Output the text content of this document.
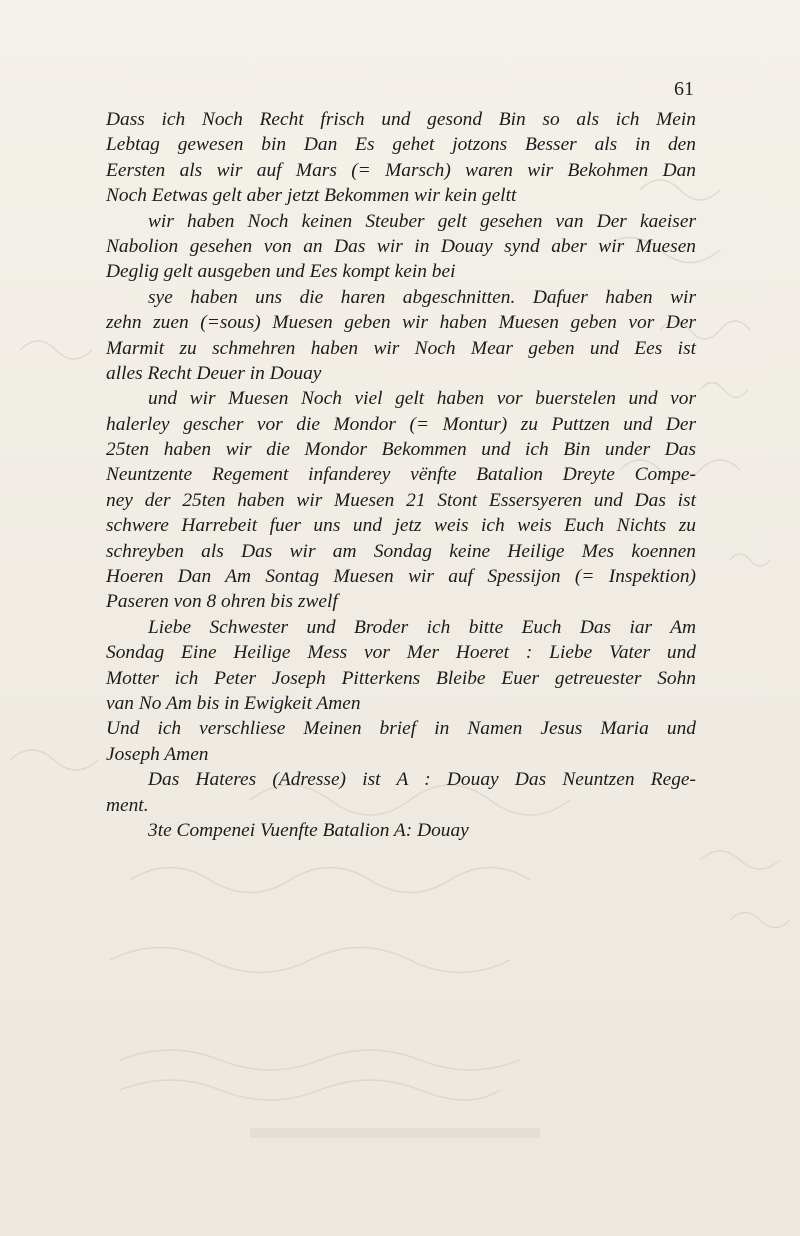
61
Dass ich Noch Recht frisch und gesond Bin so als ich Mein
Lebtag gewesen bin Dan Es gehet jotzons Besser als in den
Eersten als wir auf Mars (= Marsch) waren wir Bekohmen Dan
Noch Eetwas gelt aber jetzt Bekommen wir kein geltt
wir haben Noch keinen Steuber gelt gesehen van Der kaeiser
Nabolion gesehen von an Das wir in Douay synd aber wir Muesen
Deglig gelt ausgeben und Ees kompt kein bei
sye haben uns die haren abgeschnitten. Dafuer haben wir
zehn zuen (=sous) Muesen geben wir haben Muesen geben vor Der
Marmit zu schmehren haben wir Noch Mear geben und Ees ist
alles Recht Deuer in Douay
und wir Muesen Noch viel gelt haben vor buerstelen und vor
halerley gescher vor die Mondor (= Montur) zu Puttzen und Der
25ten haben wir die Mondor Bekommen und ich Bin under Das
Neuntzente Regement infanderey vënfte Batalion Dreyte Compe-
ney der 25ten haben wir Muesen 21 Stont Essersyeren und Das ist
schwere Harrebeit fuer uns und jetz weis ich weis Euch Nichts zu
schreyben als Das wir am Sondag keine Heilige Mes koennen
Hoeren Dan Am Sontag Muesen wir auf Spessijon (= Inspektion)
Paseren von 8 ohren bis zwelf
Liebe Schwester und Broder ich bitte Euch Das iar Am
Sondag Eine Heilige Mess vor Mer Hoeret : Liebe Vater und
Motter ich Peter Joseph Pitterkens Bleibe Euer getreuester Sohn
van No Am bis in Ewigkeit Amen
Und ich verschliese Meinen brief in Namen Jesus Maria und
Joseph Amen
Das Hateres (Adresse) ist A : Douay Das Neuntzen Rege-
ment.
3te Compenei Vuenfte Batalion A: Douay
